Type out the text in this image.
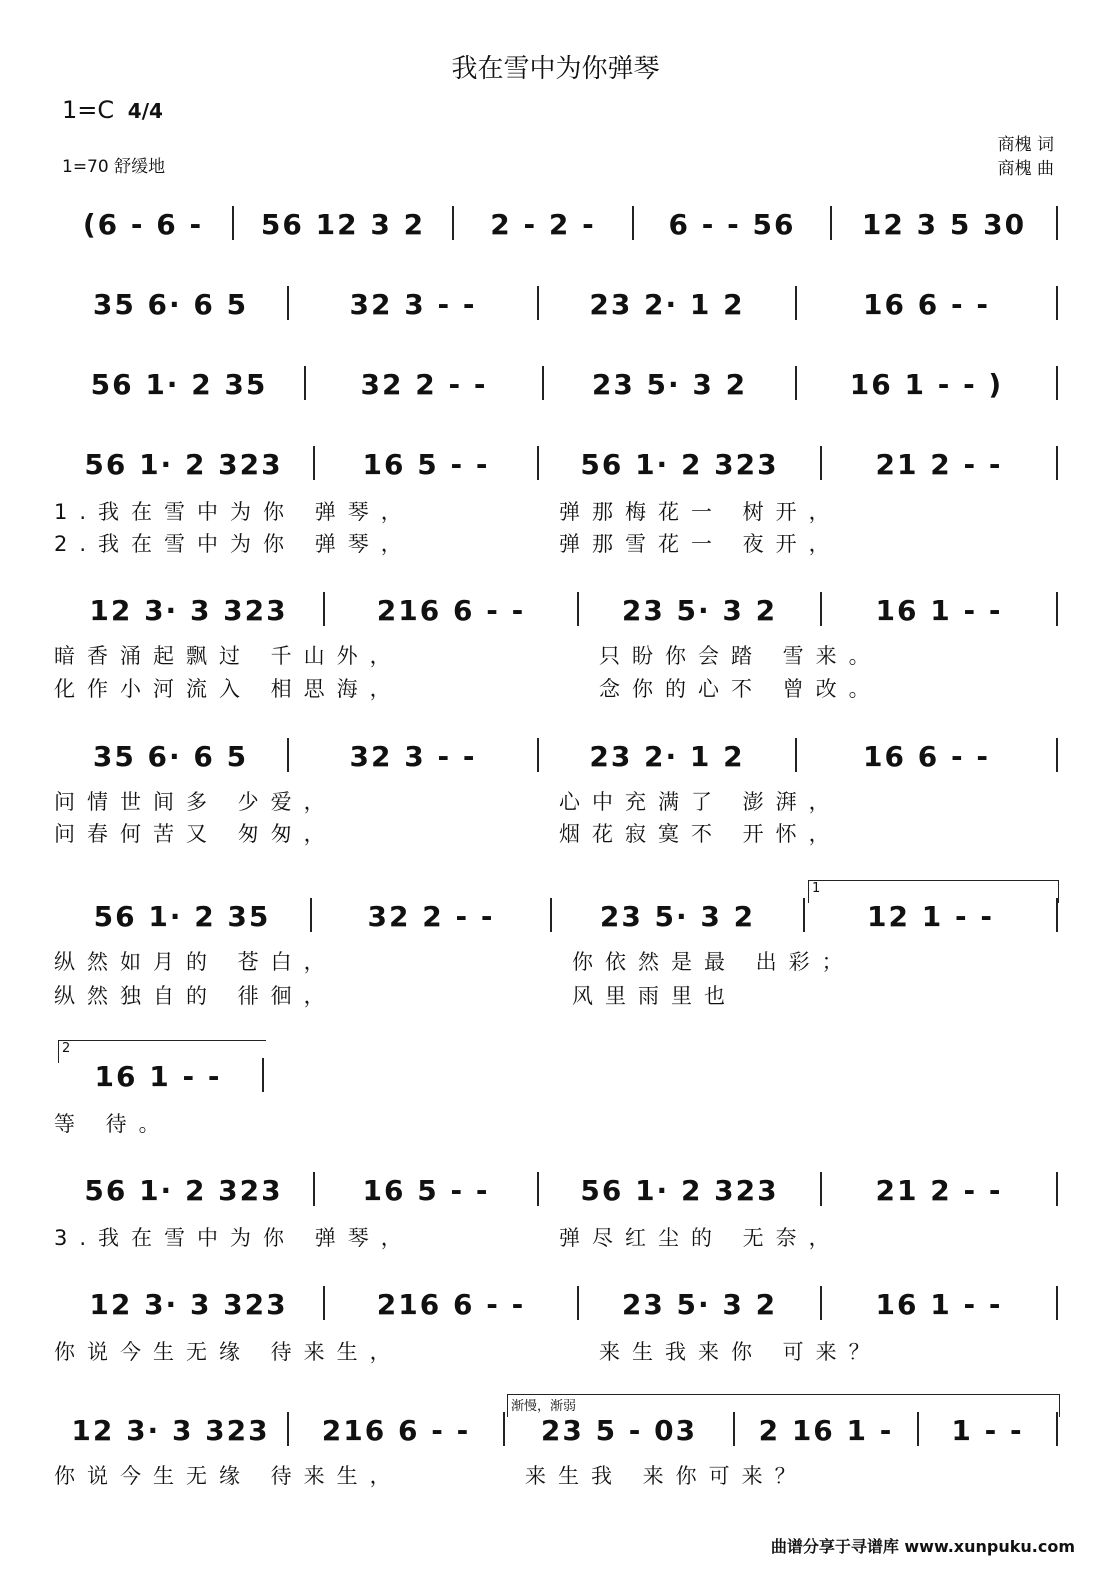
我在雪中为你弹琴
1=C 4/4
1=70 舒缓地
商槐 词
商槐 曲
(6 - 6 -	56 12 3 2	2 - 2 -	6 - - 56	12 3 5 30
35 6· 6 5	32 3 - -	23 2· 1 2	16 6 - -
56 1· 2 35	32 2 - -	23 5· 3 2	16 1 - - )
56 1· 2 323	16 5 - -	56 1· 2 323	21 2 - -
1.我在雪中为你 弹琴，	弹那梅花一 树开，
2.我在雪中为你 弹琴，	弹那雪花一 夜开，
12 3· 3 323	216 6 - -	23 5· 3 2	16 1 - -
暗香涌起飘过 千山外，	只盼你会踏 雪来。
化作小河流入 相思海，	念你的心不 曾改。
35 6· 6 5	32 3 - -	23 2· 1 2	16 6 - -
问情世间多 少爱，	心中充满了 澎湃，
问春何苦又 匆匆，	烟花寂寞不 开怀，
56 1· 2 35	32 2 - -	23 5· 3 2	12 1 - -
纵然如月的 苍白，	你依然是最 出彩；
纵然独自的 徘徊，	风里雨里也
16 1 - -
等 待。
56 1· 2 323	16 5 - -	56 1· 2 323	21 2 - -
3.我在雪中为你 弹琴，	弹尽红尘的 无奈，
12 3· 3 323	216 6 - -	23 5· 3 2	16 1 - -
你说今生无缘 待来生，	来生我来你 可来？
12 3· 3 323	216 6 - -	23 5 - 03	2 16 1 -	1 - -
你说今生无缘 待来生，	来生我 来你可来？
1
2
渐慢，渐弱
曲谱分享于寻谱库 www.xunpuku.com
